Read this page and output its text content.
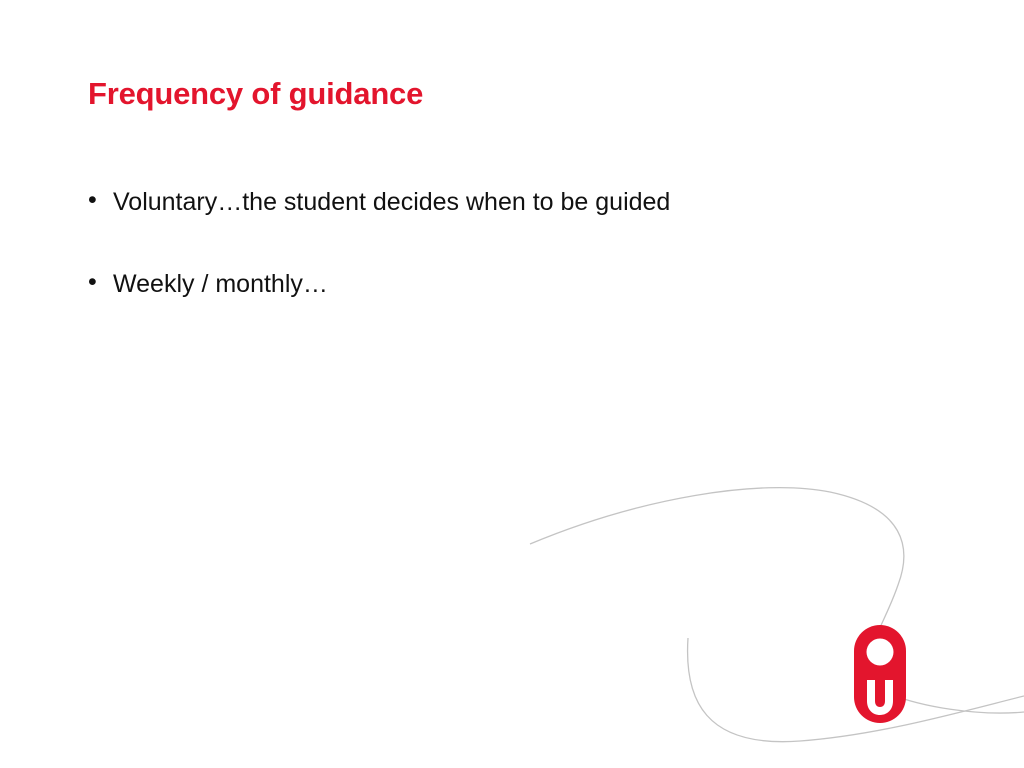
Frequency of guidance
• Voluntary…the student decides when to be guided
• Weekly / monthly…
